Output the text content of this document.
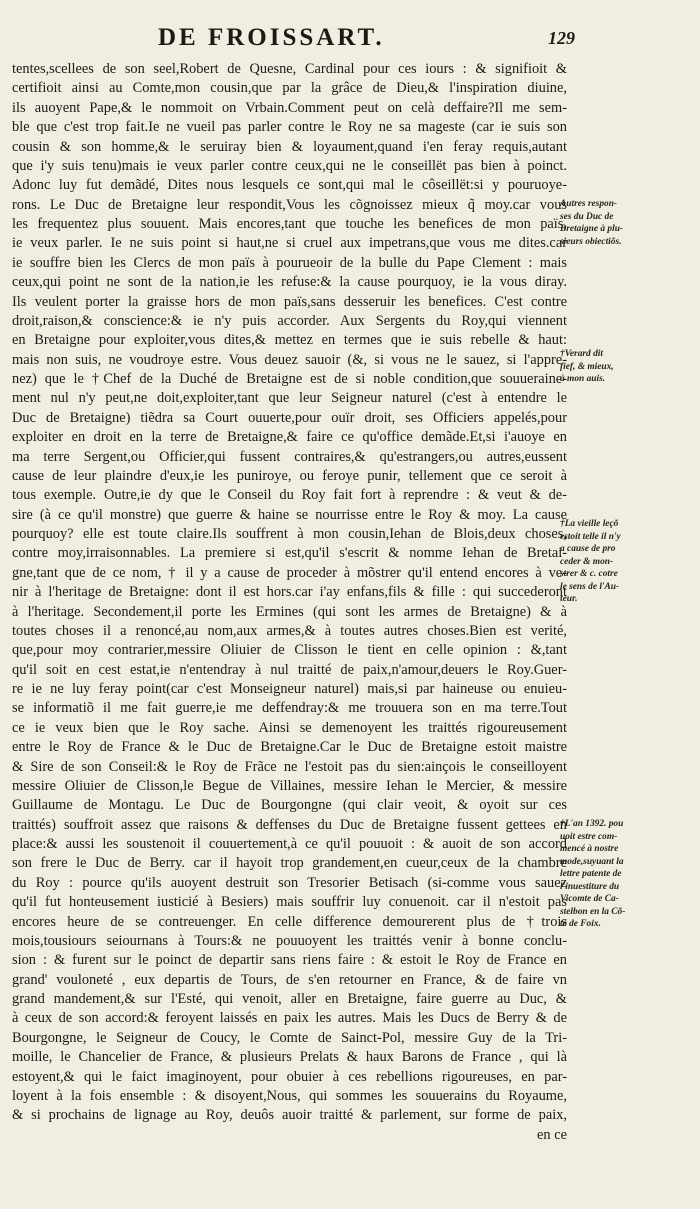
DE FROISSART.	129
tentes,scellees de son seel,Robert de Quesne, Cardinal pour ces iours : & signifioit &
certifioit ainsi au Comte,mon cousin,que par la grâce de Dieu,& l'inspiration diuine,
ils auoyent Pape,& le nommoit on Vrbain.Comment peut on celà deffaire?Il me sem-
ble que c'est trop fait.Ie ne vueil pas parler contre le Roy ne sa mageste (car ie suis son
cousin & son homme,& le seruiray bien & loyaument,quand i'en feray requis,autant
que i'y suis tenu)mais ie veux parler contre ceux,qui ne le conseillët pas bien à poinct.
Adonc luy fut demãdé, Dites nous lesquels ce sont,qui mal le côseillët:si y pouruoye-
rons. Le Duc de Bretaigne leur respondit,Vous les cõgnoissez mieux q̃ moy.car vous
les frequentez plus souuent. Mais encores,tant que touche les benefices de mon païs,
ie veux parler. Ie ne suis point si haut,ne si cruel aux impetrans,que vous me dites.car
ie souffre bien les Clercs de mon païs à pourueoir de la bulle du Pape Clement : mais
ceux,qui point ne sont de la nation,ie les refuse:& la cause pourquoy, ie la vous diray.
Ils veulent porter la graisse hors de mon païs,sans desseruir les benefices. C'est contre
droit,raison,& conscience:& ie n'y puis accorder. Aux Sergents du Roy,qui viennent
en Bretaigne pour exploiter,vous dites,& mettez en termes que ie suis rebelle & haut:
mais non suis, ne voudroye estre. Vous deuez sauoir (&, si vous ne le sauez, si l'appre-
nez) que le †Chef de la Duché de Bretaigne est de si noble condition,que souueraine-
ment nul n'y peut,ne doit,exploiter,tant que leur Seigneur naturel (c'est à entendre le
Duc de Bretaigne) tiẽdra sa Court ouuerte,pour ouïr droit, ses Officiers appelés,pour
exploiter en droit en la terre de Bretaigne,& faire ce qu'office demãde.Et,si i'auoye en
ma terre Sergent,ou Officier,qui fussent contraires,& qu'estrangers,ou autres,eussent
cause de leur plaindre d'eux,ie les puniroye, ou feroye punir, tellement que ce seroit à
tous exemple. Outre,ie dy que le Conseil du Roy fait fort à reprendre : & veut & de-
sire (à ce qu'il monstre) que guerre & haine se nourrisse entre le Roy & moy. La cause
pourquoy? elle est toute claire.Ils souffrent à mon cousin,Iehan de Blois,deux choses,
contre moy,irraisonnables. La premiere si est,qu'il s'escrit & nomme Iehan de Bretai-
gne,tant que de ce nom, † il y a cause de proceder à mõstrer qu'il entend encores à ve-
nir à l'heritage de Bretaigne: dont il est hors.car i'ay enfans,fils & fille : qui succederont
à l'heritage. Secondement,il porte les Ermines (qui sont les armes de Bretaigne) & à
toutes choses il a renoncé,au nom,aux armes,& à toutes autres choses.Bien est verité,
que,pour moy contrarier,messire Oliuier de Clisson le tient en celle opinion : &,tant
qu'il soit en cest estat,ie n'entendray à nul traitté de paix,n'amour,deuers le Roy.Guer-
re ie ne luy feray point(car c'est Monseigneur naturel) mais,si par haineuse ou enuieu-
se informatiõ il me fait guerre,ie me deffendray:& me trouuera son en ma terre.Tout
ce ie veux bien que le Roy sache. Ainsi se demenoyent les traittés rigoureusement
entre le Roy de France & le Duc de Bretaigne.Car le Duc de Bretaigne estoit maistre
& Sire de son Conseil:& le Roy de Frãce ne l'estoit pas du sien:ainçois le conseilloyent
messire Oliuier de Clisson,le Begue de Villaines, messire Iehan le Mercier, & messire
Guillaume de Montagu. Le Duc de Bourgongne (qui clair veoit, & oyoit sur ces
traittés) souffroit assez que raisons & deffenses du Duc de Bretaigne fussent gettees en
place:& aussi les soustenoit il couuertement,à ce qu'il pouuoit : & auoit de son accord
son frere le Duc de Berry. car il hayoit trop grandement,en cueur,ceux de la chambre
du Roy : pource qu'ils auoyent destruit son Tresorier Betisach (si-comme vous sauez
qu'il fut honteusement iusticié à Besiers) mais souffrir luy conuenoit. car il n'estoit pas
encores heure de se contreuenger. En celle difference demourerent plus de †trois
mois,tousiours seiournans à Tours:& ne pouuoyent les traittés venir à bonne conclu-
sion : & furent sur le poinct de departir sans riens faire : & estoit le Roy de France en
grand' vouloneté , eux departis de Tours, de s'en retourner en France, & de faire vn
grand mandement,& sur l'Esté, qui venoit, aller en Bretaigne, faire guerre au Duc, &
à ceux de son accord:& feroyent laissés en paix les autres. Mais les Ducs de Berry & de
Bourgongne, le Seigneur de Coucy, le Comte de Sainct-Pol, messire Guy de la Tri-
moille, le Chancelier de France, & plusieurs Prelats & haux Barons de France , qui là
estoyent,& qui le faict imaginoyent, pour obuier à ces rebellions rigoureuses, en par-
loyent à la fois ensemble : & disoyent,Nous, qui sommes les souuerains du Royaume,
& si prochains de lignage au Roy, deuôs auoir traitté & parlement, sur forme de paix,
en ce
Autres respon-
ses du Duc de
Bretaigne à plu-
sieurs obiectiõs.
†Verard dit
fief, & mieux,
à mon auis.
†La vieille leçõ
estoit telle il n'y
a cause de pro
ceder & mon-
strer & c. cotre
le sens de l'Au-
teur.
†L'an 1392. pou
uoit estre com-
mencé à nostre
mode,suyuant la
lettre patente de
l'inuestiture du
Vicomte de Ca-
stelbon en la Cõ-
té de Foix.
